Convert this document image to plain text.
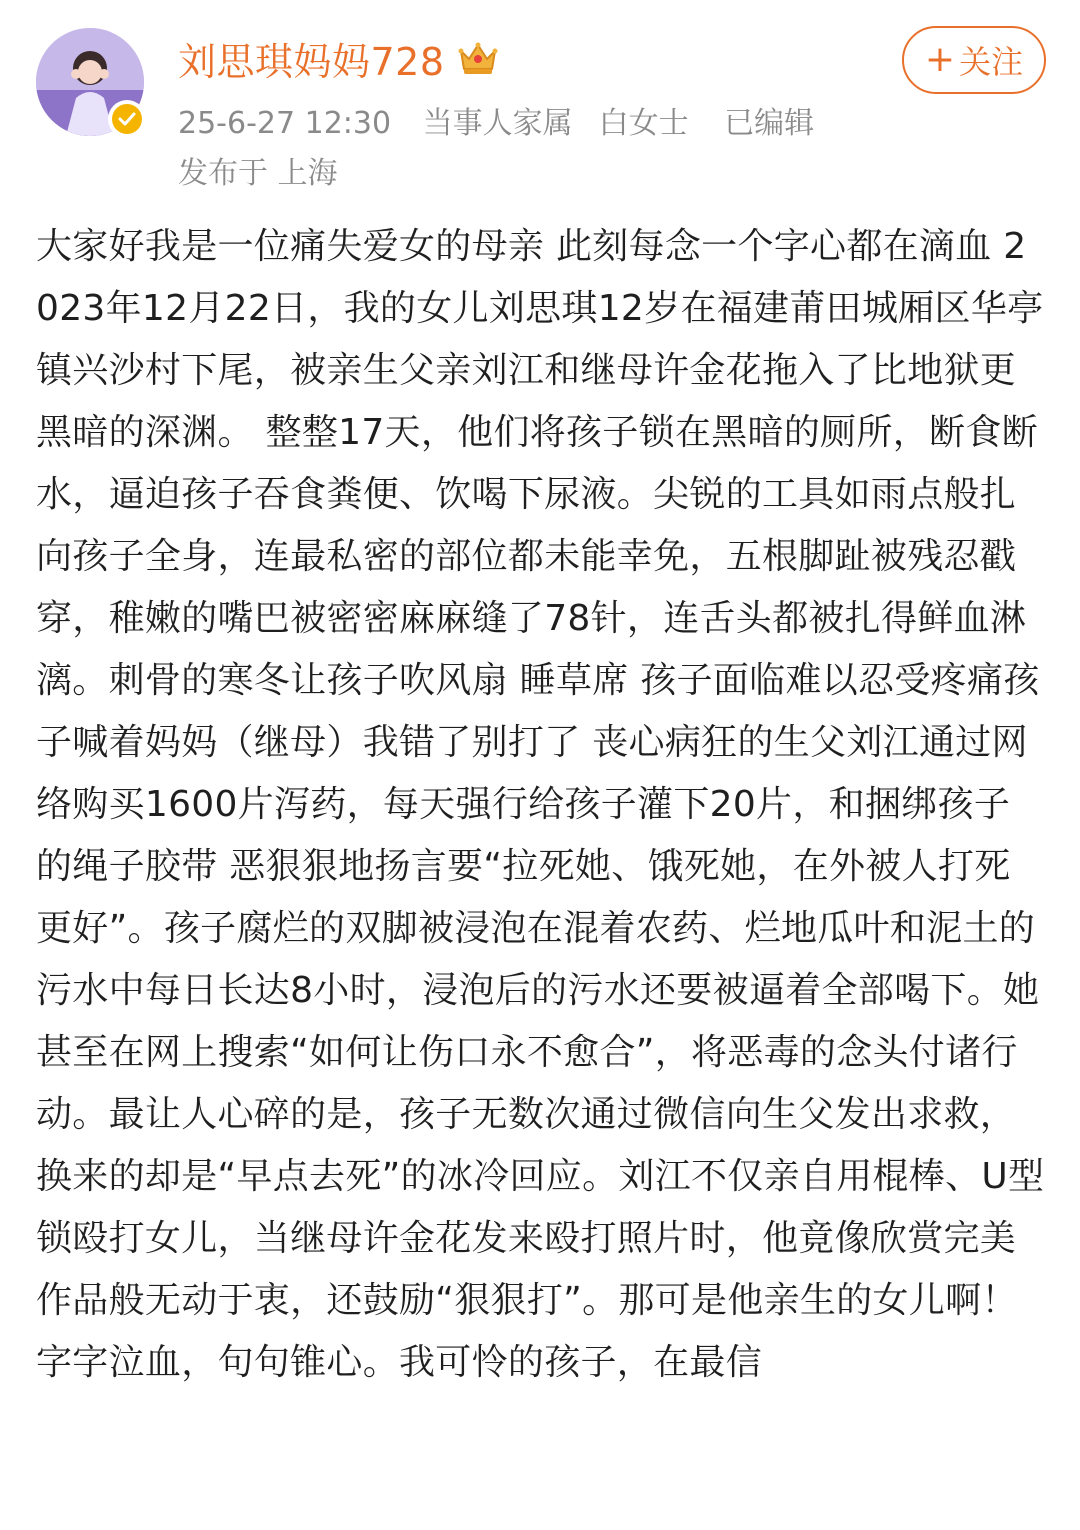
刘思琪妈妈728
25-6-27 12:30 当事人家属 白女士 已编辑
发布于 上海
+ 关注
大家好我是一位痛失爱女的母亲 此刻每念一个字心都在滴血 2023年12月22日，我的女儿刘思琪12岁在福建莆田城厢区华亭镇兴沙村下尾，被亲生父亲刘江和继母许金花拖入了比地狱更黑暗的深渊。 整整17天，他们将孩子锁在黑暗的厕所，断食断水，逼迫孩子吞食粪便、饮喝下尿液。尖锐的工具如雨点般扎向孩子全身，连最私密的部位都未能幸免，五根脚趾被残忍戳穿，稚嫩的嘴巴被密密麻麻缝了78针，连舌头都被扎得鲜血淋漓。刺骨的寒冬让孩子吹风扇 睡草席 孩子面临难以忍受疼痛孩子喊着妈妈（继母）我错了别打了 丧心病狂的生父刘江通过网络购买1600片泻药，每天强行给孩子灌下20片，和捆绑孩子的绳子胶带 恶狠狠地扬言要“拉死她、饿死她，在外被人打死更好”。孩子腐烂的双脚被浸泡在混着农药、烂地瓜叶和泥土的污水中每日长达8小时，浸泡后的污水还要被逼着全部喝下。她甚至在网上搜索“如何让伤口永不愈合”，将恶毒的念头付诸行动。最让人心碎的是，孩子无数次通过微信向生父发出求救，换来的却是“早点去死”的冰冷回应。刘江不仅亲自用棍棒、U型锁殴打女儿，当继母许金花发来殴打照片时，他竟像欣赏完美作品般无动于衷，还鼓励“狠狠打”。那可是他亲生的女儿啊！字字泣血，句句锥心。我可怜的孩子，在最信
